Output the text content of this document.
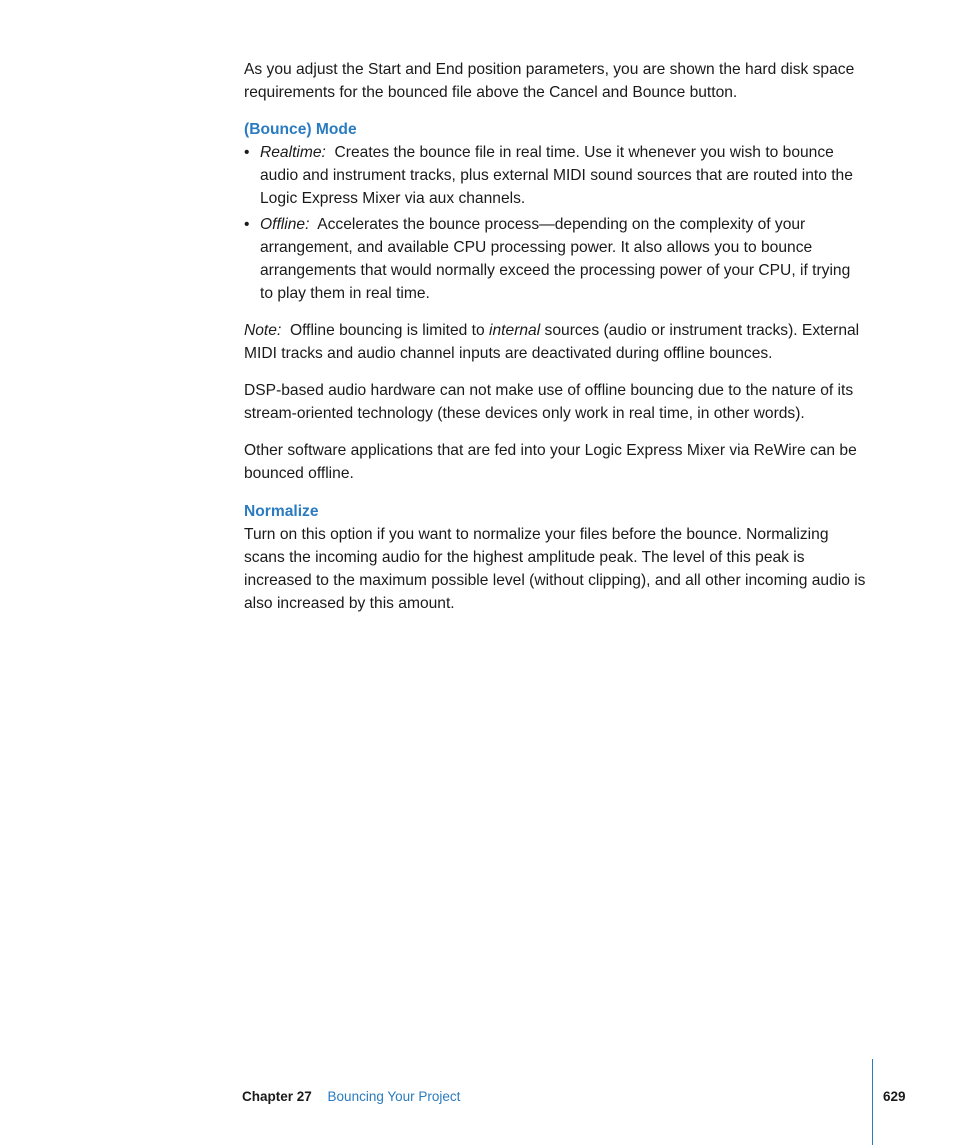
As you adjust the Start and End position parameters, you are shown the hard disk space requirements for the bounced file above the Cancel and Bounce button.

(Bounce) Mode
• Realtime: Creates the bounce file in real time. Use it whenever you wish to bounce audio and instrument tracks, plus external MIDI sound sources that are routed into the Logic Express Mixer via aux channels.
• Offline: Accelerates the bounce process—depending on the complexity of your arrangement, and available CPU processing power. It also allows you to bounce arrangements that would normally exceed the processing power of your CPU, if trying to play them in real time.

Note: Offline bouncing is limited to internal sources (audio or instrument tracks). External MIDI tracks and audio channel inputs are deactivated during offline bounces.

DSP-based audio hardware can not make use of offline bouncing due to the nature of its stream-oriented technology (these devices only work in real time, in other words).

Other software applications that are fed into your Logic Express Mixer via ReWire can be bounced offline.

Normalize

Turn on this option if you want to normalize your files before the bounce. Normalizing scans the incoming audio for the highest amplitude peak. The level of this peak is increased to the maximum possible level (without clipping), and all other incoming audio is also increased by this amount.

Chapter 27 Bouncing Your Project	629
